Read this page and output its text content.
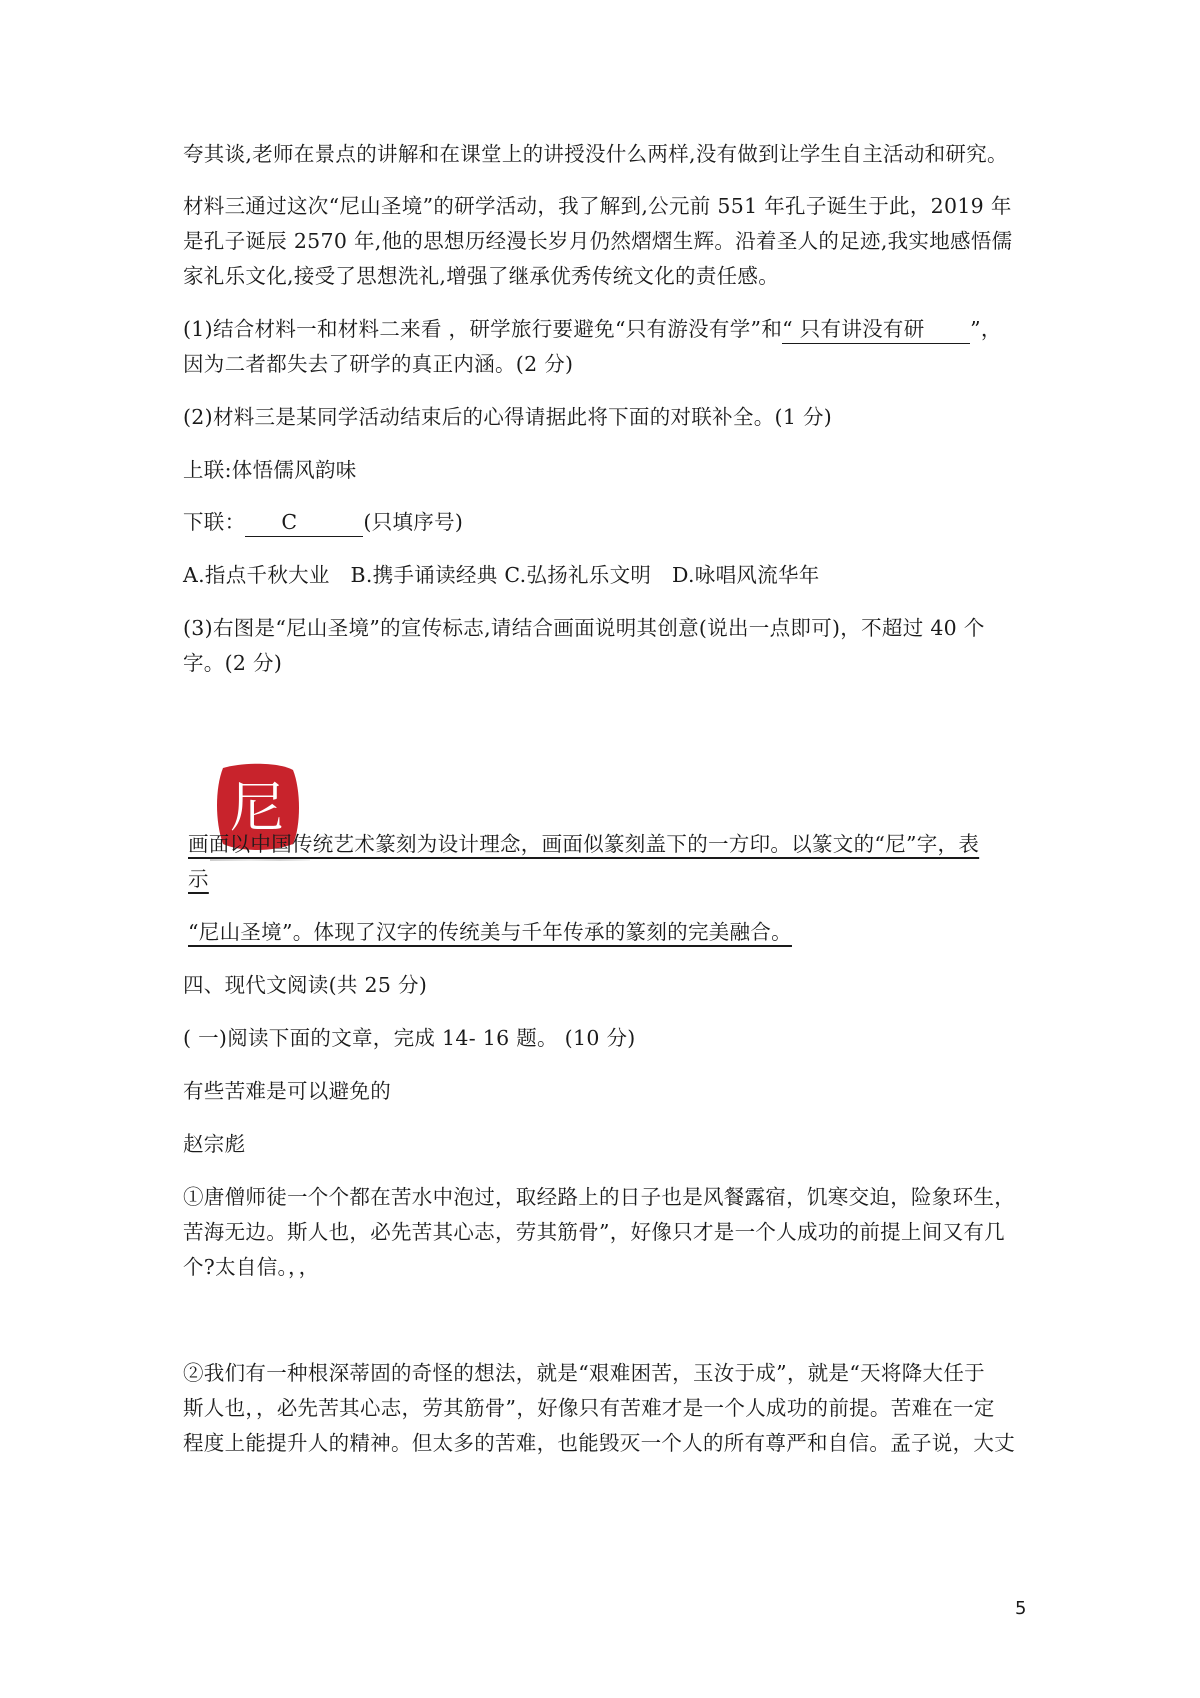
夸其谈,老师在景点的讲解和在课堂上的讲授没什么两样,没有做到让学生自主活动和研究。
材料三通过这次“尼山圣境”的研学活动，我了解到,公元前 551 年孔子诞生于此，2019 年
是孔子诞辰 2570 年,他的思想历经漫长岁月仍然熠熠生辉。沿着圣人的足迹,我实地感悟儒
家礼乐文化,接受了思想洗礼,增强了继承优秀传统文化的责任感。
(1)结合材料一和材料二来看 ，研学旅行要避免“只有游没有学”和“ 只有讲没有研 ”，
因为二者都失去了研学的真正内涵。(2 分)
(2)材料三是某同学活动结束后的心得请据此将下面的对联补全。(1 分)
上联:体悟儒风韵味
下联： C	(只填序号)
A.指点千秋大业　B.携手诵读经典 C.弘扬礼乐文明　D.咏唱风流华年
(3)右图是“尼山圣境”的宣传标志,请结合画面说明其创意(说出一点即可)，不超过 40 个
字。(2 分)
尼
画面以中国传统艺术篆刻为设计理念，画面似篆刻盖下的一方印。以篆文的“尼”字，表
示
“尼山圣境”。体现了汉字的传统美与千年传承的篆刻的完美融合。
四、现代文阅读(共 25 分)
( 一)阅读下面的文章，完成 14- 16 题。 (10 分)
有些苦难是可以避免的
赵宗彪
①唐僧师徒一个个都在苦水中泡过，取经路上的日子也是风餐露宿，饥寒交迫，险象环生，
苦海无边。斯人也，必先苦其心志，劳其筋骨”，好像只才是一个人成功的前提上间又有几
个?太自信。，，
②我们有一种根深蒂固的奇怪的想法，就是“艰难困苦，玉汝于成”，就是“天将降大任于
斯人也，，必先苦其心志，劳其筋骨”，好像只有苦难才是一个人成功的前提。苦难在一定
程度上能提升人的精神。但太多的苦难，也能毁灭一个人的所有尊严和自信。孟子说，大丈
5
